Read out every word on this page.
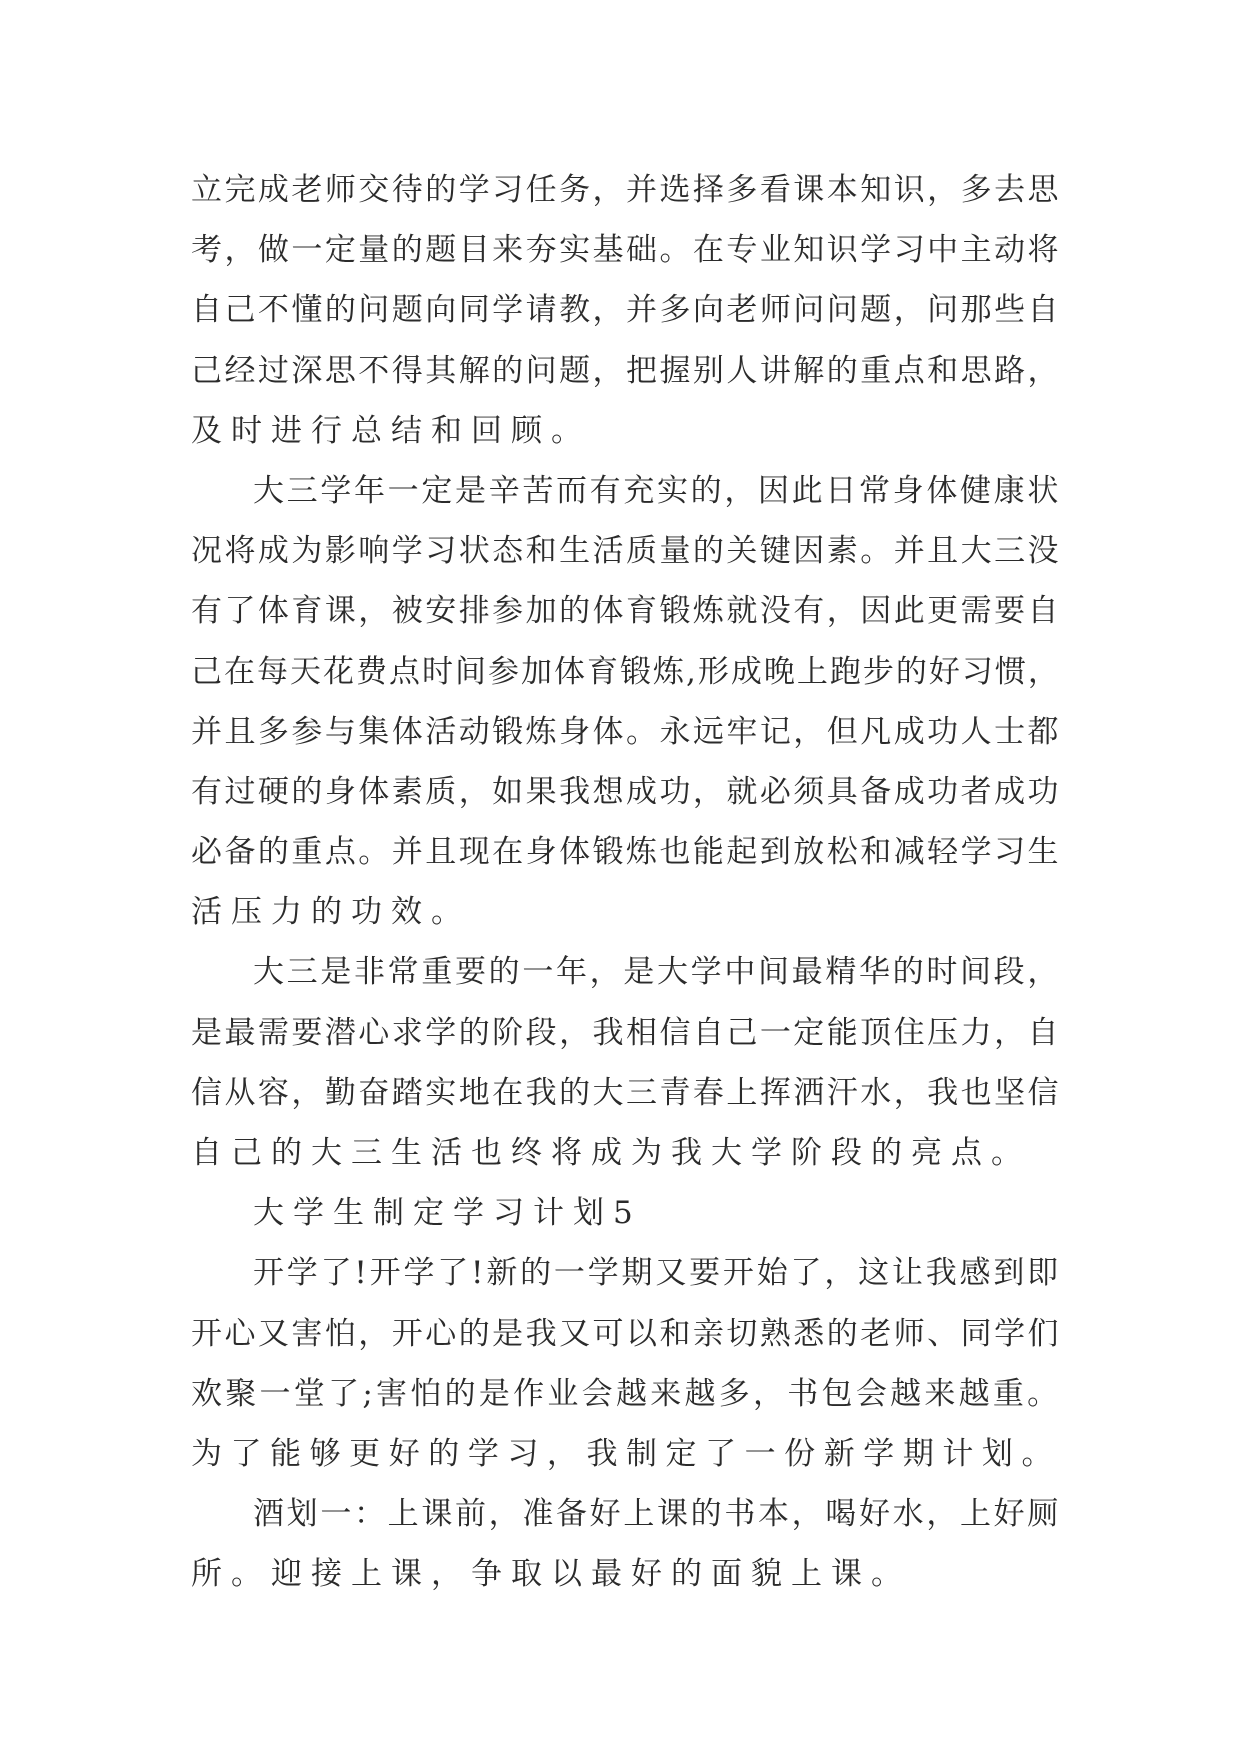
立完成老师交待的学习任务，并选择多看课本知识，多去思
考，做一定量的题目来夯实基础。在专业知识学习中主动将
自己不懂的问题向同学请教，并多向老师问问题，问那些自
己经过深思不得其解的问题，把握别人讲解的重点和思路，
及时进行总结和回顾。
大三学年一定是辛苦而有充实的，因此日常身体健康状
况将成为影响学习状态和生活质量的关键因素。并且大三没
有了体育课，被安排参加的体育锻炼就没有，因此更需要自
己在每天花费点时间参加体育锻炼,形成晚上跑步的好习惯，
并且多参与集体活动锻炼身体。永远牢记，但凡成功人士都
有过硬的身体素质，如果我想成功，就必须具备成功者成功
必备的重点。并且现在身体锻炼也能起到放松和减轻学习生
活压力的功效。
大三是非常重要的一年，是大学中间最精华的时间段，
是最需要潜心求学的阶段，我相信自己一定能顶住压力，自
信从容，勤奋踏实地在我的大三青春上挥洒汗水，我也坚信
自己的大三生活也终将成为我大学阶段的亮点。
大学生制定学习计划5
开学了!开学了!新的一学期又要开始了，这让我感到即
开心又害怕，开心的是我又可以和亲切熟悉的老师、同学们
欢聚一堂了;害怕的是作业会越来越多，书包会越来越重。
为了能够更好的学习，我制定了一份新学期计划。
酒划一：上课前，准备好上课的书本，喝好水，上好厕
所。迎接上课，争取以最好的面貌上课。
